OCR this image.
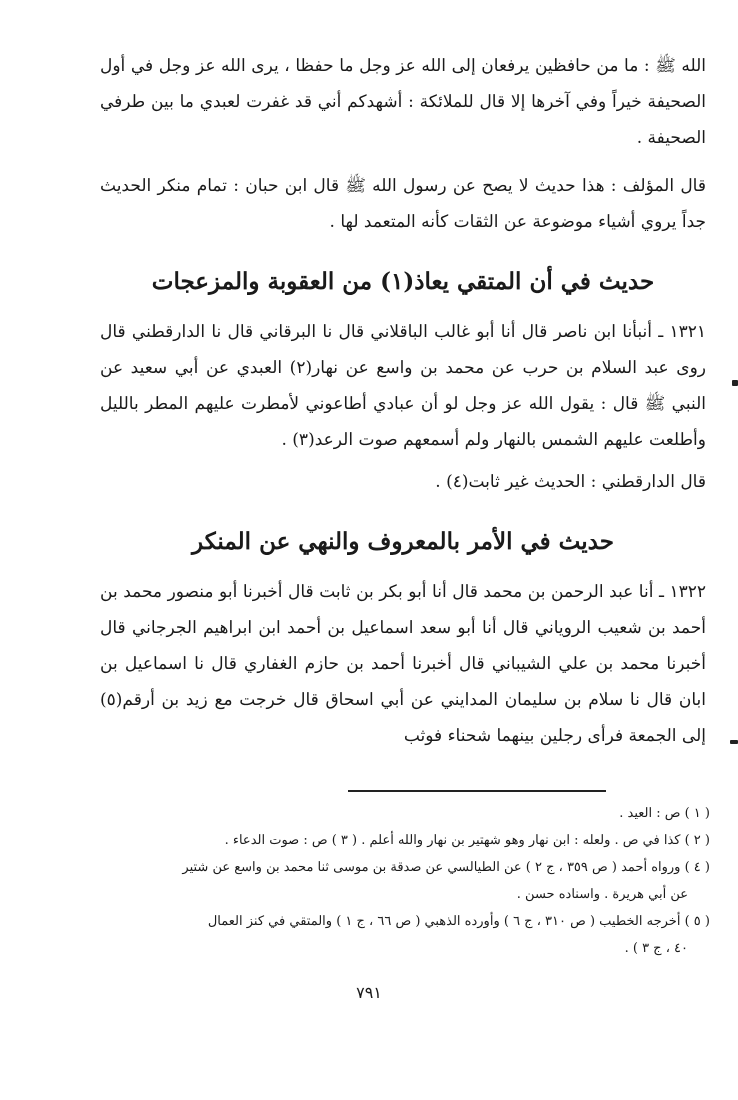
الله ﷺ : ما من حافظين يرفعان إلى الله عز وجل ما حفظا ، يرى الله عز وجل في أول الصحيفة خيراً وفي آخرها إلا قال للملائكة : أشهدكم أني قد غفرت لعبدي ما بين طرفي الصحيفة .

قال المؤلف : هذا حديث لا يصح عن رسول الله ﷺ قال ابن حبان : تمام منكر الحديث جداً يروي أشياء موضوعة عن الثقات كأنه المتعمد لها .

حديث في أن المتقي يعاذ(١) من العقوبة والمزعجات

١٣٢١ ـ أنبأنا ابن ناصر قال أنا أبو غالب الباقلاني قال نا البرقاني قال نا الدارقطني قال روى عبد السلام بن حرب عن محمد بن واسع عن نهار(٢) العبدي عن أبي سعيد عن النبي ﷺ قال : يقول الله عز وجل لو أن عبادي أطاعوني لأمطرت عليهم المطر بالليل وأطلعت عليهم الشمس بالنهار ولم أسمعهم صوت الرعد(٣) .

قال الدارقطني : الحديث غير ثابت(٤) .

حديث في الأمر بالمعروف والنهي عن المنكر

١٣٢٢ ـ أنا عبد الرحمن بن محمد قال أنا أبو بكر بن ثابت قال أخبرنا أبو منصور محمد بن أحمد بن شعيب الروياني قال أنا أبو سعد اسماعيل بن أحمد ابن ابراهيم الجرجاني قال أخبرنا محمد بن علي الشيباني قال أخبرنا أحمد بن حازم الغفاري قال نا اسماعيل بن ابان قال نا سلام بن سليمان المدايني عن أبي اسحاق قال خرجت مع زيد بن أرقم(٥) إلى الجمعة فرأى رجلين بينهما شحناء فوثب

( ١ ) ص : العيد .

( ٢ ) كذا في ص . ولعله : ابن نهار وهو شهتير بن نهار والله أعلم . ( ٣ ) ص : صوت الدعاء .

( ٤ ) ورواه أحمد ( ص ٣٥٩ ، ج ٢ ) عن الطيالسي عن صدقة بن موسى ثنا محمد بن واسع عن شتير

عن أبي هريرة . واسناده حسن .

( ٥ ) أخرجه الخطيب ( ص ٣١٠ ، ج ٦ ) وأورده الذهبي ( ص ٦٦ ، ج ١ ) والمتقي في كنز العمال

٤٠ ، ج ٣ ) .

٧٩١
